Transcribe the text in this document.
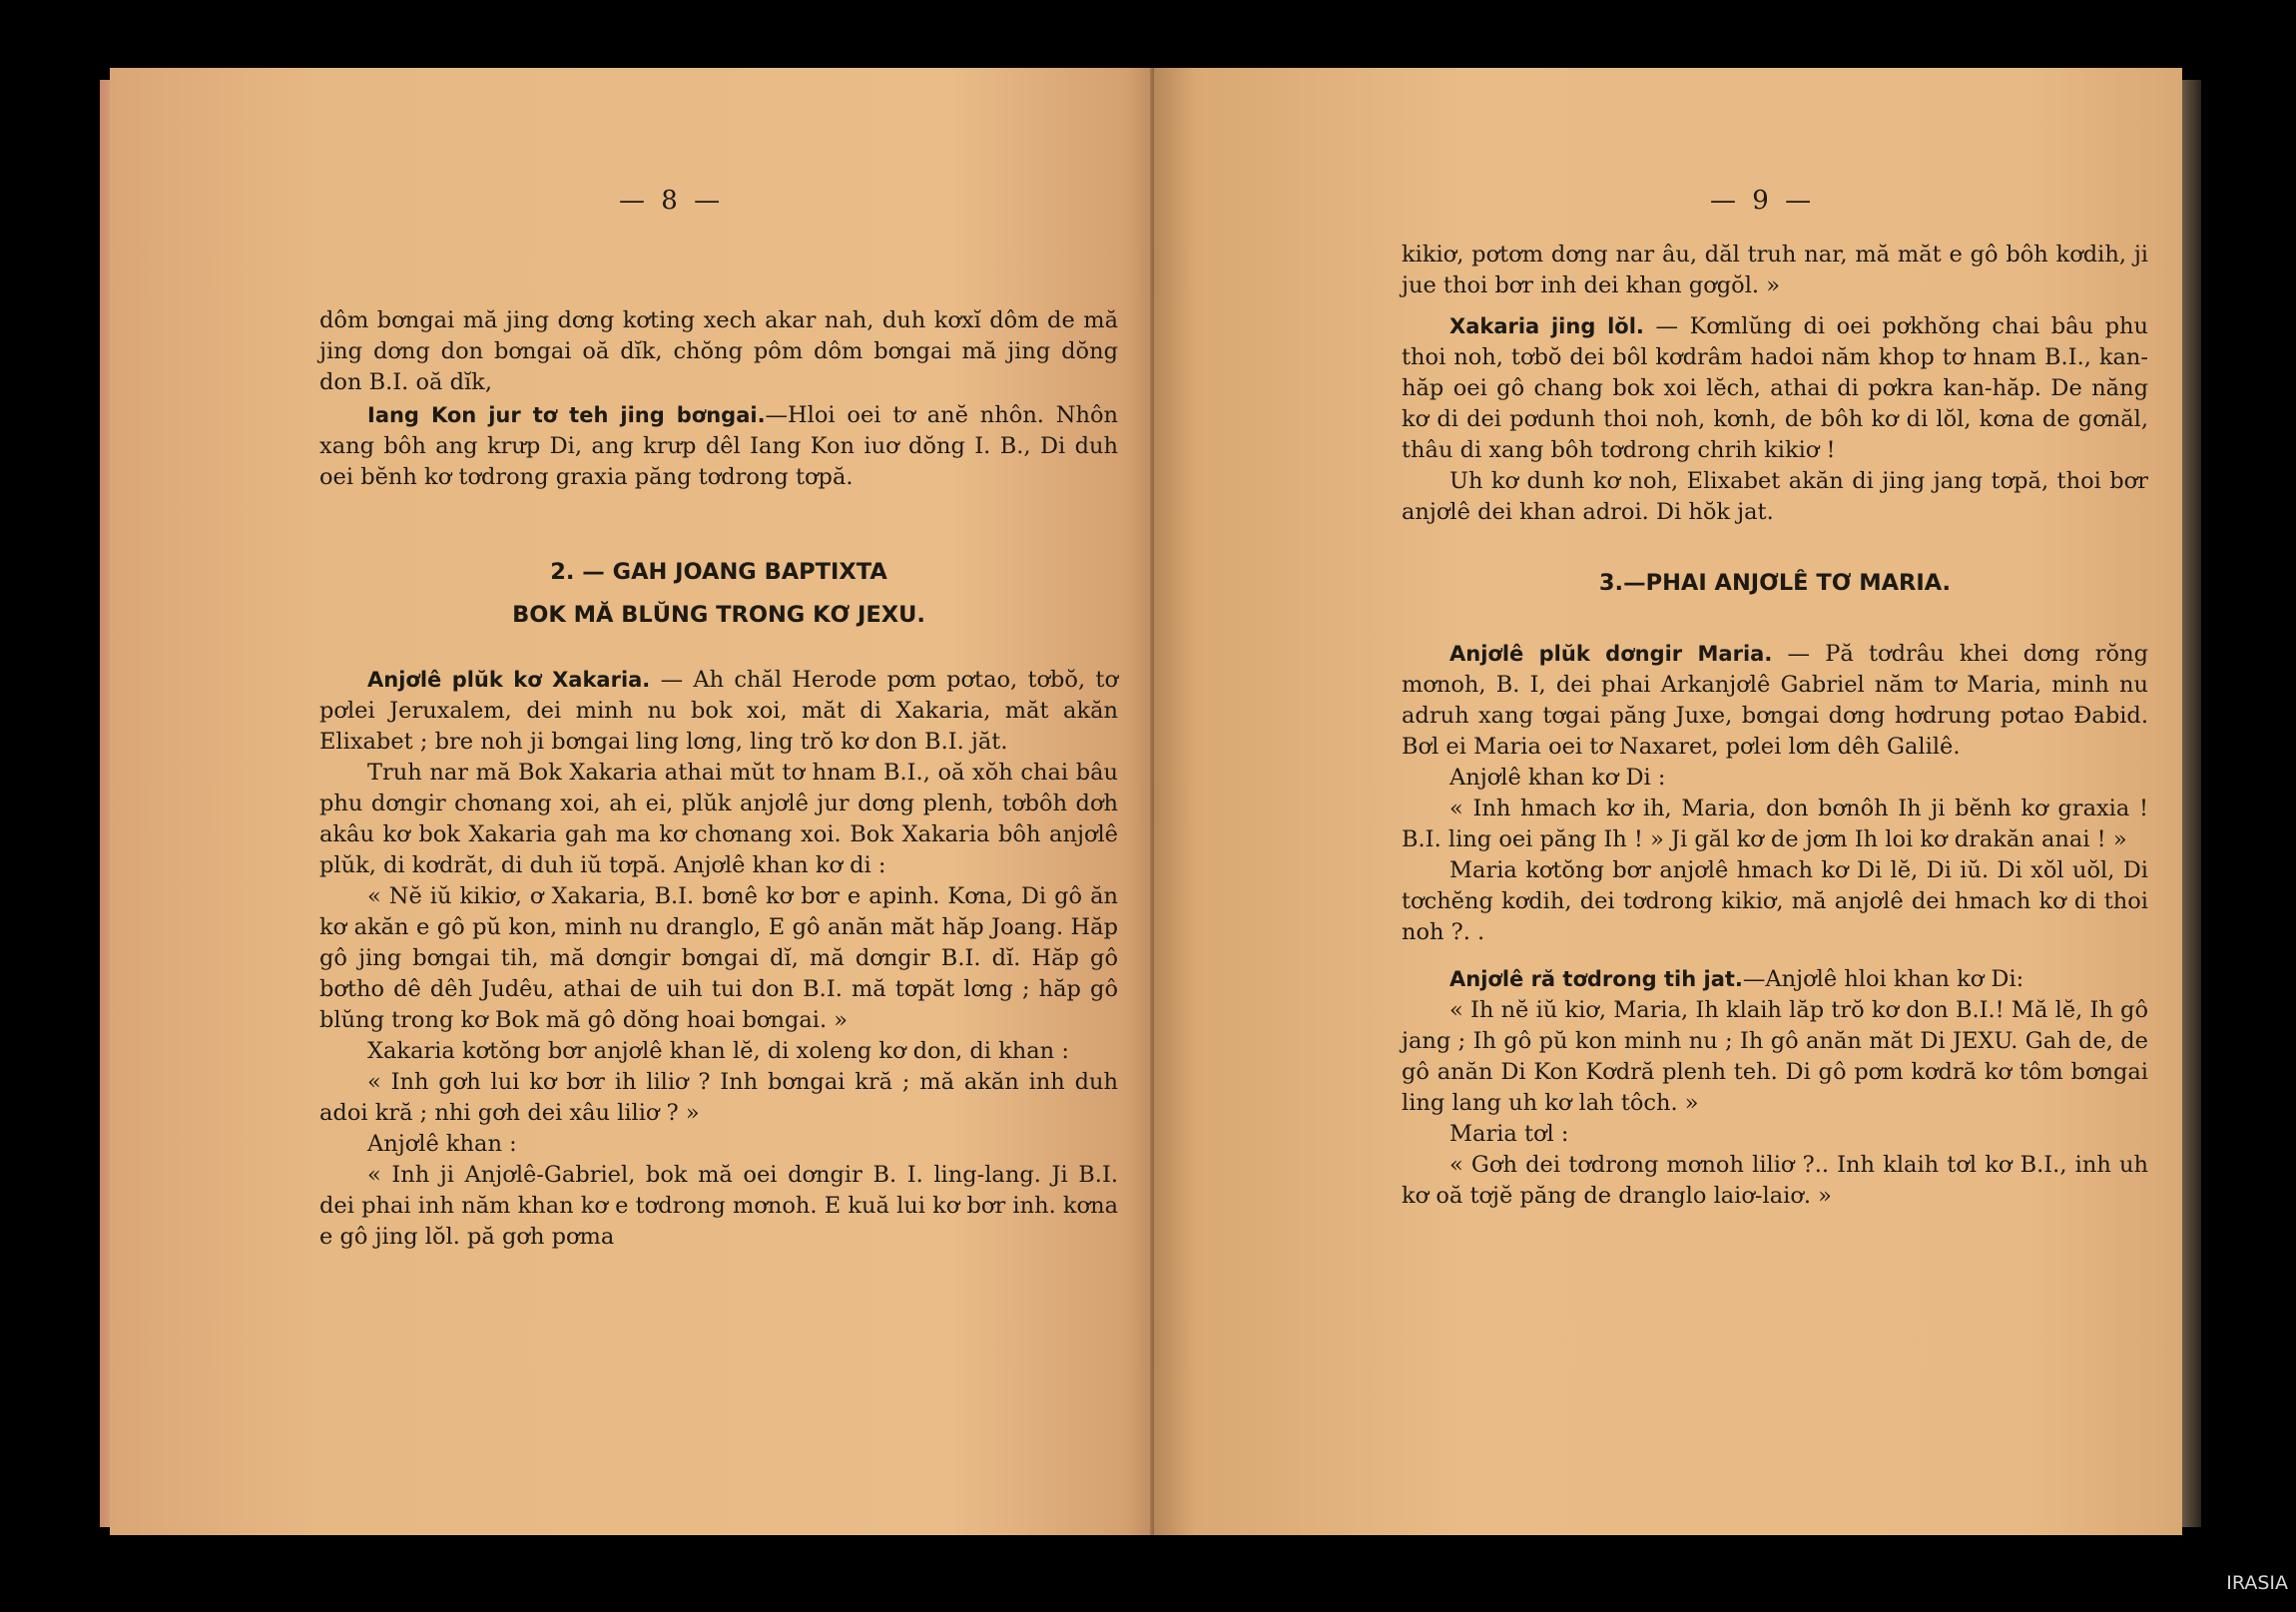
— 8 —

dôm bơngai mă jing dơng kơting xech akar nah, duh kơxĭ dôm de mă jing dơng don bơngai oă dĭk, chŏng pôm dôm bơngai mă jing dŏng don B.I. oă dĭk,

Iang Kon jur tơ teh jing bơngai.—Hloi oei tơ anĕ nhôn. Nhôn xang bôh ang krưp Di, ang krưp dêl Iang Kon iuơ dŏng I. B., Di duh oei bĕnh kơ tơdrong graxia păng tơdrong tơpă.

2. — GAH JOANG BAPTIXTA
BOK MĂ BLŬNG TRONG KƠ JEXU.

Anjơlê plŭk kơ Xakaria. — Ah chăl Herode pơm pơtao, tơbŏ, tơ pơlei Jeruxalem, dei minh nu bok xoi, măt di Xakaria, măt akăn Elixabet ; bre noh ji bơngai ling lơng, ling trŏ kơ don B.I. jăt.

Truh nar mă Bok Xakaria athai mŭt tơ hnam B.I., oă xŏh chai bâu phu dơngir chơnang xoi, ah ei, plŭk anjơlê jur dơng plenh, tơbôh dơh akâu kơ bok Xakaria gah ma kơ chơnang xoi. Bok Xakaria bôh anjơlê plŭk, di kơdrăt, di duh iŭ tơpă. Anjơlê khan kơ di :

« Nĕ iŭ kikiơ, ơ Xakaria, B.I. bơnê kơ bơr e apinh. Kơna, Di gô ăn kơ akăn e gô pŭ kon, minh nu dranglo, E gô anăn măt hăp Joang. Hăp gô jing bơngai tih, mă dơngir bơngai dĭ, mă dơngir B.I. dĭ. Hăp gô bơtho dê dêh Judêu, athai de uih tui don B.I. mă tơpăt lơng ; hăp gô blŭng trong kơ Bok mă gô dŏng hoai bơngai. »

Xakaria kơtŏng bơr anjơlê khan lĕ, di xoleng kơ don, di khan :

« Inh gơh lui kơ bơr ih liliơ ? Inh bơngai kră ; mă akăn inh duh adoi kră ; nhi gơh dei xâu liliơ ? »

Anjơlê khan :

« Inh ji Anjơlê-Gabriel, bok mă oei dơngir B. I. ling-lang. Ji B.I. dei phai inh năm khan kơ e tơdrong mơnoh. E kuă lui kơ bơr inh. kơna e gô jing lŏl. pă gơh pơma

— 9 —

kikiơ, pơtơm dơng nar âu, dăl truh nar, mă măt e gô bôh kơdih, ji jue thoi bơr inh dei khan gơgŏl. »

Xakaria jing lŏl. — Kơmlŭng di oei pơkhŏng chai bâu phu thoi noh, tơbŏ dei bôl kơdrâm hadoi năm khop tơ hnam B.I., kan-hăp oei gô chang bok xoi lĕch, athai di pơkra kan-hăp. De năng kơ di dei pơdunh thoi noh, kơnh, de bôh kơ di lŏl, kơna de gơnăl, thâu di xang bôh tơdrong chrih kikiơ !

Uh kơ dunh kơ noh, Elixabet akăn di jing jang tơpă, thoi bơr anjơlê dei khan adroi. Di hŏk jat.

3.—PHAI ANJƠLÊ TƠ MARIA.

Anjơlê plŭk dơngir Maria. — Pă tơdrâu khei dơng rŏng mơnoh, B. I, dei phai Arkanjơlê Gabriel năm tơ Maria, minh nu adruh xang tơgai păng Juxe, bơngai dơng hơdrung pơtao Đabid. Bơl ei Maria oei tơ Naxaret, pơlei lơm dêh Galilê.

Anjơlê khan kơ Di :

« Inh hmach kơ ih, Maria, don bơnôh Ih ji bĕnh kơ graxia ! B.I. ling oei păng Ih ! » Ji găl kơ de jơm Ih loi kơ drakăn anai ! »

Maria kơtŏng bơr anjơlê hmach kơ Di lĕ, Di iŭ. Di xŏl uŏl, Di tơchĕng kơdih, dei tơdrong kikiơ, mă anjơlê dei hmach kơ di thoi noh ?. .

Anjơlê ră tơdrong tih jat.—Anjơlê hloi khan kơ Di:

« Ih nĕ iŭ kiơ, Maria, Ih klaih lăp trŏ kơ don B.I.! Mă lĕ, Ih gô jang ; Ih gô pŭ kon minh nu ; Ih gô anăn măt Di JEXU. Gah de, de gô anăn Di Kon Kơdră plenh teh. Di gô pơm kơdră kơ tôm bơngai ling lang uh kơ lah tôch. »

Maria tơl :

« Gơh dei tơdrong mơnoh liliơ ?.. Inh klaih tơl kơ B.I., inh uh kơ oă tơjĕ păng de dranglo laiơ-laiơ. »

IRASIA
